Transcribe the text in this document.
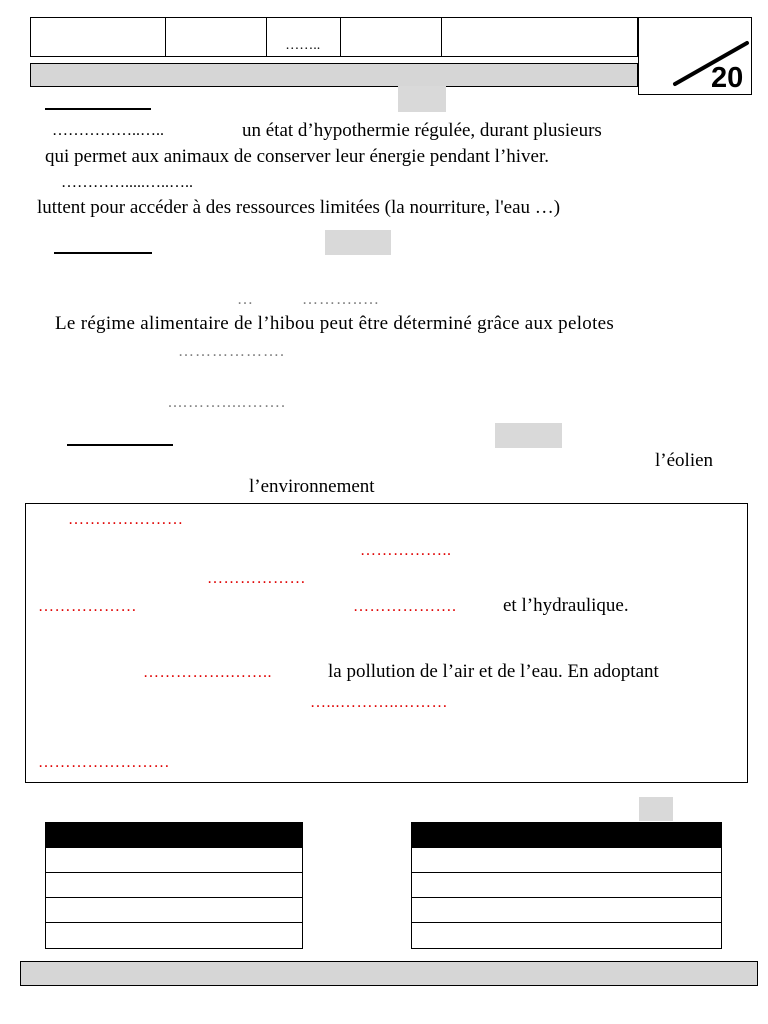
……..
20
……………..…..	un état d’hypothermie régulée, durant plusieurs
qui permet aux animaux de conserver leur énergie pendant l’hiver.
………….....…..…..
luttent pour accéder à des ressources limitées (la nourriture, l'eau …)
…	………..…
Le régime alimentaire de l’hibou peut être déterminé grâce aux pelotes
……………….
....…….....…….
l’éolien
l’environnement
…………………
……………..
………………
………………	………………. et l’hydraulique.
…………….……..	la pollution de l’air et de l’eau. En adoptant
…...………..………
……………………
